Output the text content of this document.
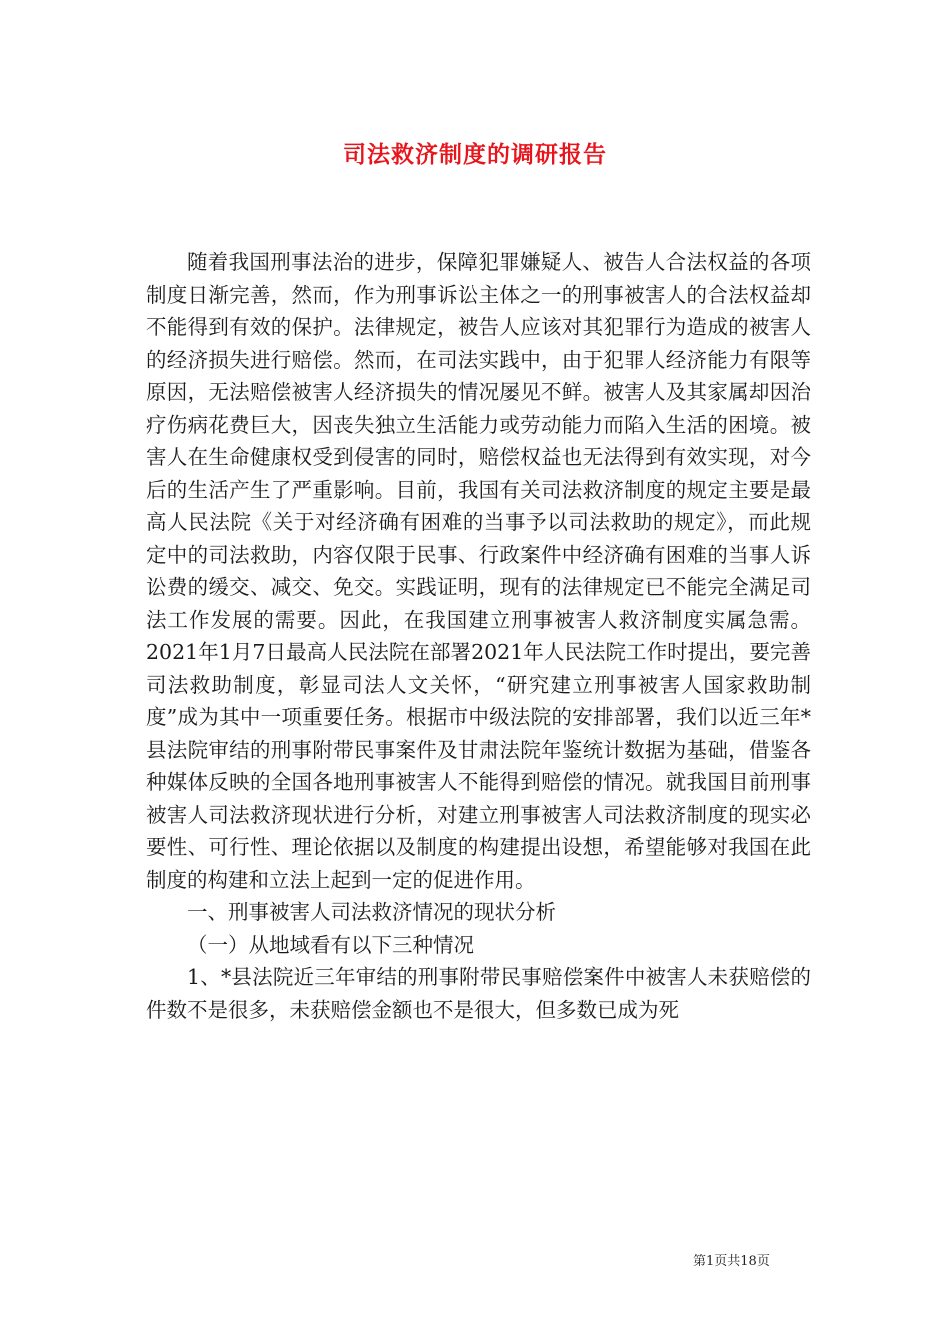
司法救济制度的调研报告

随着我国刑事法治的进步，保障犯罪嫌疑人、被告人合法权益的各项制度日渐完善，然而，作为刑事诉讼主体之一的刑事被害人的合法权益却不能得到有效的保护。法律规定，被告人应该对其犯罪行为造成的被害人的经济损失进行赔偿。然而，在司法实践中，由于犯罪人经济能力有限等原因，无法赔偿被害人经济损失的情况屡见不鲜。被害人及其家属却因治疗伤病花费巨大，因丧失独立生活能力或劳动能力而陷入生活的困境。被害人在生命健康权受到侵害的同时，赔偿权益也无法得到有效实现，对今后的生活产生了严重影响。目前，我国有关司法救济制度的规定主要是最高人民法院《关于对经济确有困难的当事予以司法救助的规定》，而此规定中的司法救助，内容仅限于民事、行政案件中经济确有困难的当事人诉讼费的缓交、减交、免交。实践证明，现有的法律规定已不能完全满足司法工作发展的需要。因此，在我国建立刑事被害人救济制度实属急需。2021年1月7日最高人民法院在部署2021年人民法院工作时提出，要完善司法救助制度，彰显司法人文关怀，“研究建立刑事被害人国家救助制度”成为其中一项重要任务。根据市中级法院的安排部署，我们以近三年*县法院审结的刑事附带民事案件及甘肃法院年鉴统计数据为基础，借鉴各种媒体反映的全国各地刑事被害人不能得到赔偿的情况。就我国目前刑事被害人司法救济现状进行分析，对建立刑事被害人司法救济制度的现实必要性、可行性、理论依据以及制度的构建提出设想，希望能够对我国在此制度的构建和立法上起到一定的促进作用。

一、刑事被害人司法救济情况的现状分析

（一）从地域看有以下三种情况

1、*县法院近三年审结的刑事附带民事赔偿案件中被害人未获赔偿的件数不是很多，未获赔偿金额也不是很大，但多数已成为死

第1页共18页
